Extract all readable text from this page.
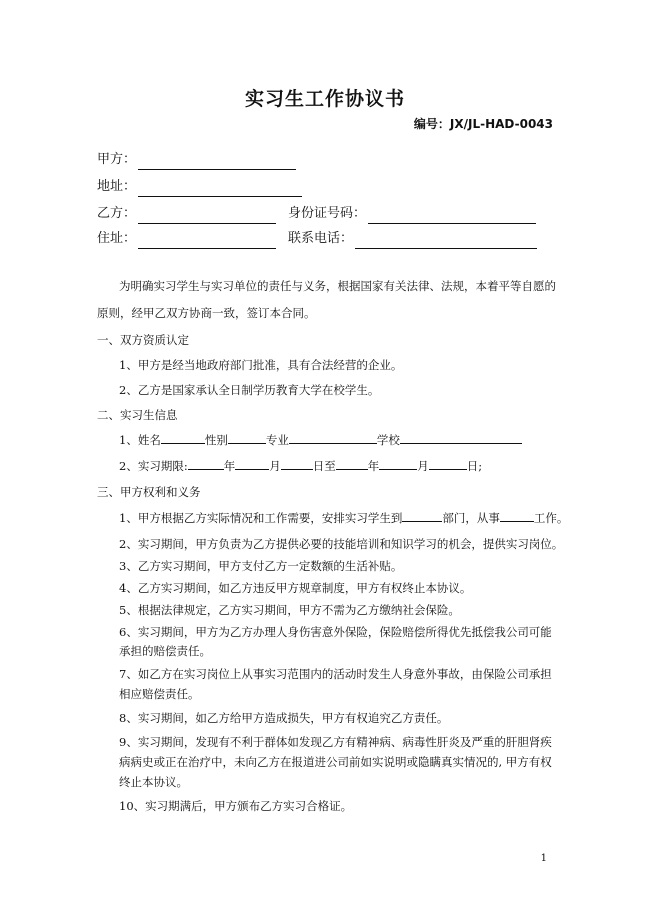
实习生工作协议书
编号：JX/JL-HAD-0043
甲方：
地址：
乙方：	身份证号码：
住址：	联系电话：
为明确实习学生与实习单位的责任与义务，根据国家有关法律、法规，本着平等自愿的
原则，经甲乙双方协商一致，签订本合同。
一、双方资质认定
1、甲方是经当地政府部门批准，具有合法经营的企业。
2、乙方是国家承认全日制学历教育大学在校学生。
二、实习生信息
1、姓名	性别	专业	学校
2、实习期限:	年	月	日至	年	月	日;
三、甲方权利和义务
1、甲方根据乙方实际情况和工作需要，安排实习学生到	部门，从事	工作。
2、实习期间，甲方负责为乙方提供必要的技能培训和知识学习的机会，提供实习岗位。
3、乙方实习期间，甲方支付乙方一定数额的生活补贴。
4、乙方实习期间，如乙方违反甲方规章制度，甲方有权终止本协议。
5、根据法律规定，乙方实习期间，甲方不需为乙方缴纳社会保险。
6、实习期间，甲方为乙方办理人身伤害意外保险，保险赔偿所得优先抵偿我公司可能
承担的赔偿责任。
7、如乙方在实习岗位上从事实习范围内的活动时发生人身意外事故，由保险公司承担
相应赔偿责任。
8、实习期间，如乙方给甲方造成损失，甲方有权追究乙方责任。
9、实习期间，发现有不利于群体如发现乙方有精神病、病毒性肝炎及严重的肝胆肾疾
病病史或正在治疗中，未向乙方在报道进公司前如实说明或隐瞒真实情况的, 甲方有权
终止本协议。
10、实习期满后，甲方颁布乙方实习合格证。
1
